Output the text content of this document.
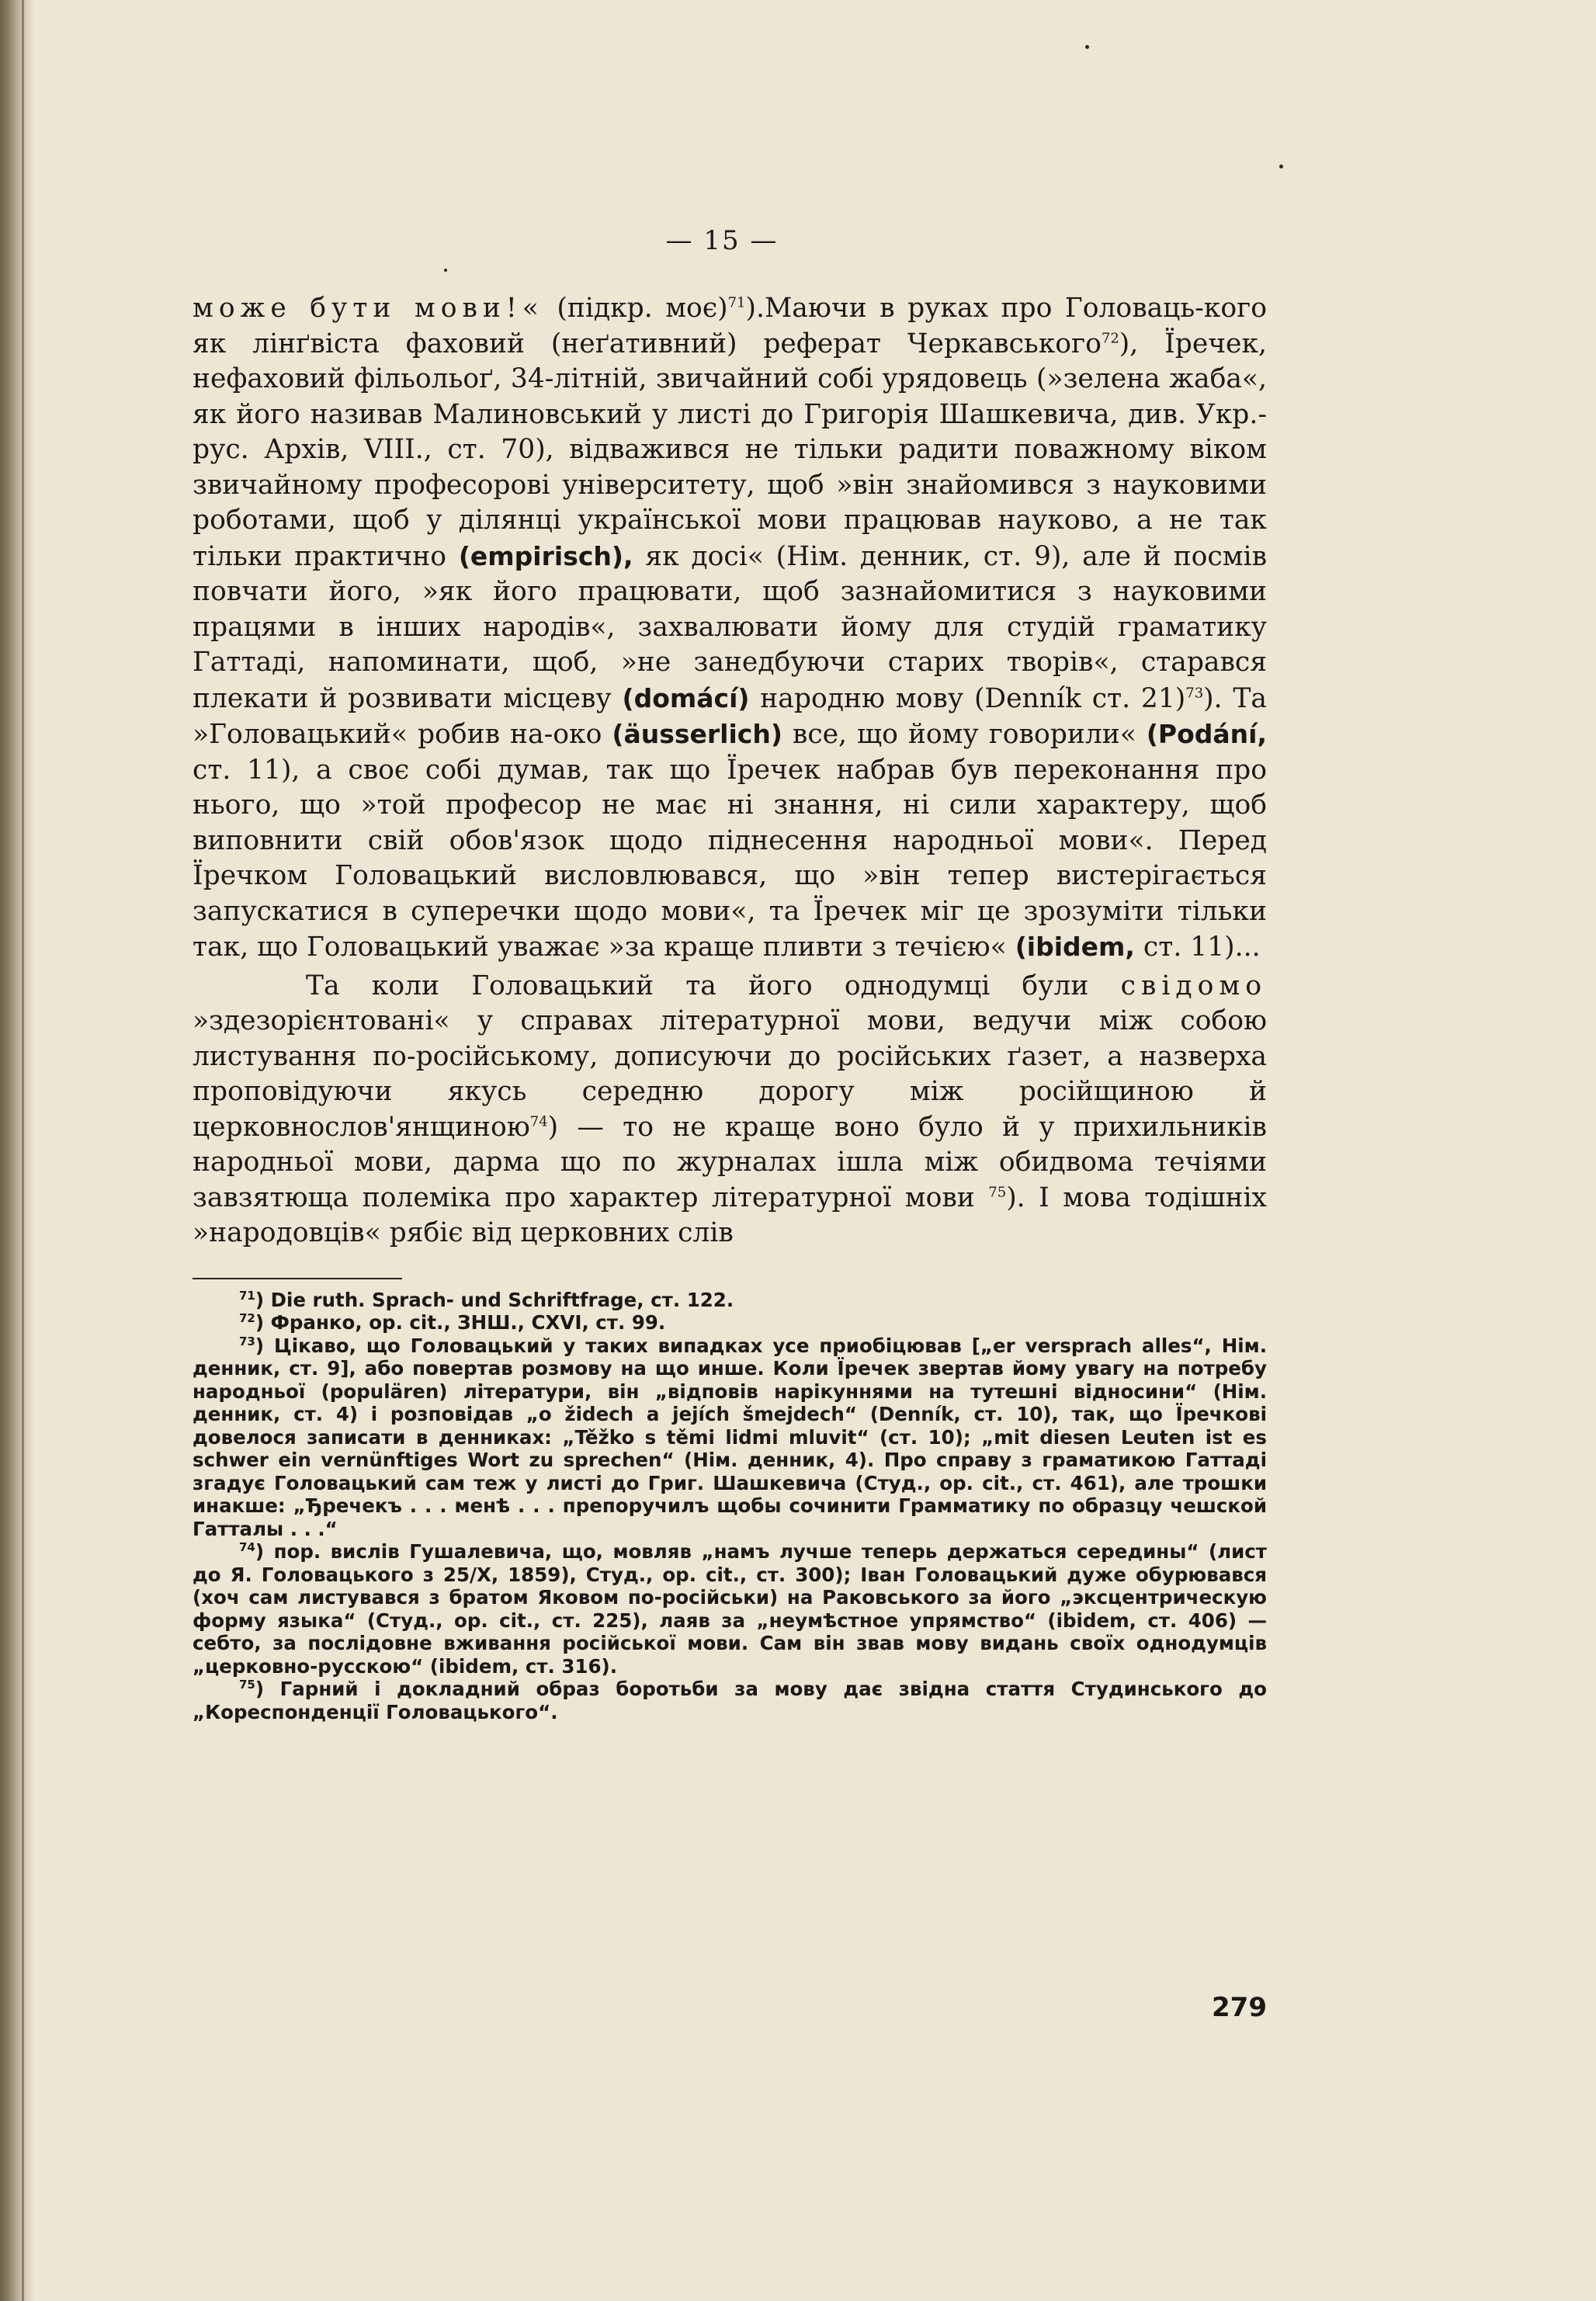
— 15 —

може бути мови!« (підкр. моє)$^{71}$).Маючи в руках про Головаць-кого як лінґвіста фаховий (неґативний) реферат Черкавського$^{72}$), Їречек, нефаховий фільольоґ, 34-літній, звичайний собі урядовець (»зелена жаба«, як його називав Малиновський у листі до Григорія Шашкевича, див. Укр.-рус. Архів, VIII., ст. 70), відважився не тільки радити поважному віком звичайному професорові університету, щоб »він знайомився з науковими роботами, щоб у ділянці української мови працював науково, а не так тільки практично (empirisch), як досі« (Нім. денник, ст. 9), але й посмів повчати його, »як його працювати, щоб зазнайомитися з науковими працями в інших народів«, захвалювати йому для студій граматику Гаттаді, напоминати, щоб, »не занедбуючи старих творів«, старався плекати й розвивати місцеву (domácí) народню мову (Denník ст. 21)$^{73}$). Та »Головацький« робив на-око (äusserlich) все, що йому говорили« (Podání, ст. 11), а своє собі думав, так що Їречек набрав був переконання про нього, що »той професор не має ні знання, ні сили характеру, щоб виповнити свій обов'язок щодо піднесення народньої мови«. Перед Їречком Головацький висловлювався, що »він тепер вистерігається запускатися в суперечки щодо мови«, та Їречек міг це зрозуміти тільки так, що Головацький уважає »за краще пливти з течією« (ibidem, ст. 11)...

Та коли Головацький та його однодумці були свідомо »здезорієнтовані« у справах літературної мови, ведучи між собою листування по-російському, дописуючи до російських ґазет, а назверха проповідуючи якусь середню дорогу між російщиною й церковнослов'янщиною$^{74}$) — то не краще воно було й у прихильників народньої мови, дарма що по журналах ішла між обидвома течіями завзятюща полеміка про характер літературної мови $^{75}$). І мова тодішніх »народовців« рябіє від церковних слів

$^{71}$) Die ruth. Sprach- und Schriftfrage, ст. 122.

$^{72}$) Франко, op. cit., ЗНШ., CXVI, ст. 99.

$^{73}$) Цікаво, що Головацький у таких випадках усе приобіцював [„er versprach alles“, Нім. денник, ст. 9], або повертав розмову на що инше. Коли Їречек звертав йому увагу на потребу народньої (populären) літератури, він „відповів нарікуннями на тутешні відносини“ (Нім. денник, ст. 4) і розповідав „o židech a jejích šmejdech“ (Denník, ст. 10), так, що Їречкові довелося записати в денниках: „Těžko s těmi lidmi mluvit“ (ст. 10); „mit diesen Leuten ist es schwer ein vernünftiges Wort zu sprechen“ (Нім. денник, 4). Про справу з граматикою Гаттаді згадує Головацький сам теж у листі до Григ. Шашкевича (Студ., op. cit., ст. 461), але трошки инакше: „Ђречекъ . . . менѣ . . . препоручилъ щобы сочинити Грамматику по образцу чешской Гатталы . . .“

$^{74}$) пор. вислів Гушалевича, що, мовляв „намъ лучше теперь держаться середины“ (лист до Я. Головацького з 25/X, 1859), Студ., op. cit., ст. 300); Іван Головацький дуже обурювався (хоч сам листувався з братом Яковом по-російськи) на Раковського за його „эксцентрическую форму языка“ (Студ., op. cit., ст. 225), лаяв за „неумѣстное упрямство“ (ibidem, ст. 406) — себто, за послідовне вживання російської мови. Сам він звав мову видань своїх однодумців „церковно-русскою“ (ibidem, ст. 316).

$^{75}$) Гарний і докладний образ боротьби за мову дає звідна стаття Студинського до „Кореспонденції Головацького“.

279
